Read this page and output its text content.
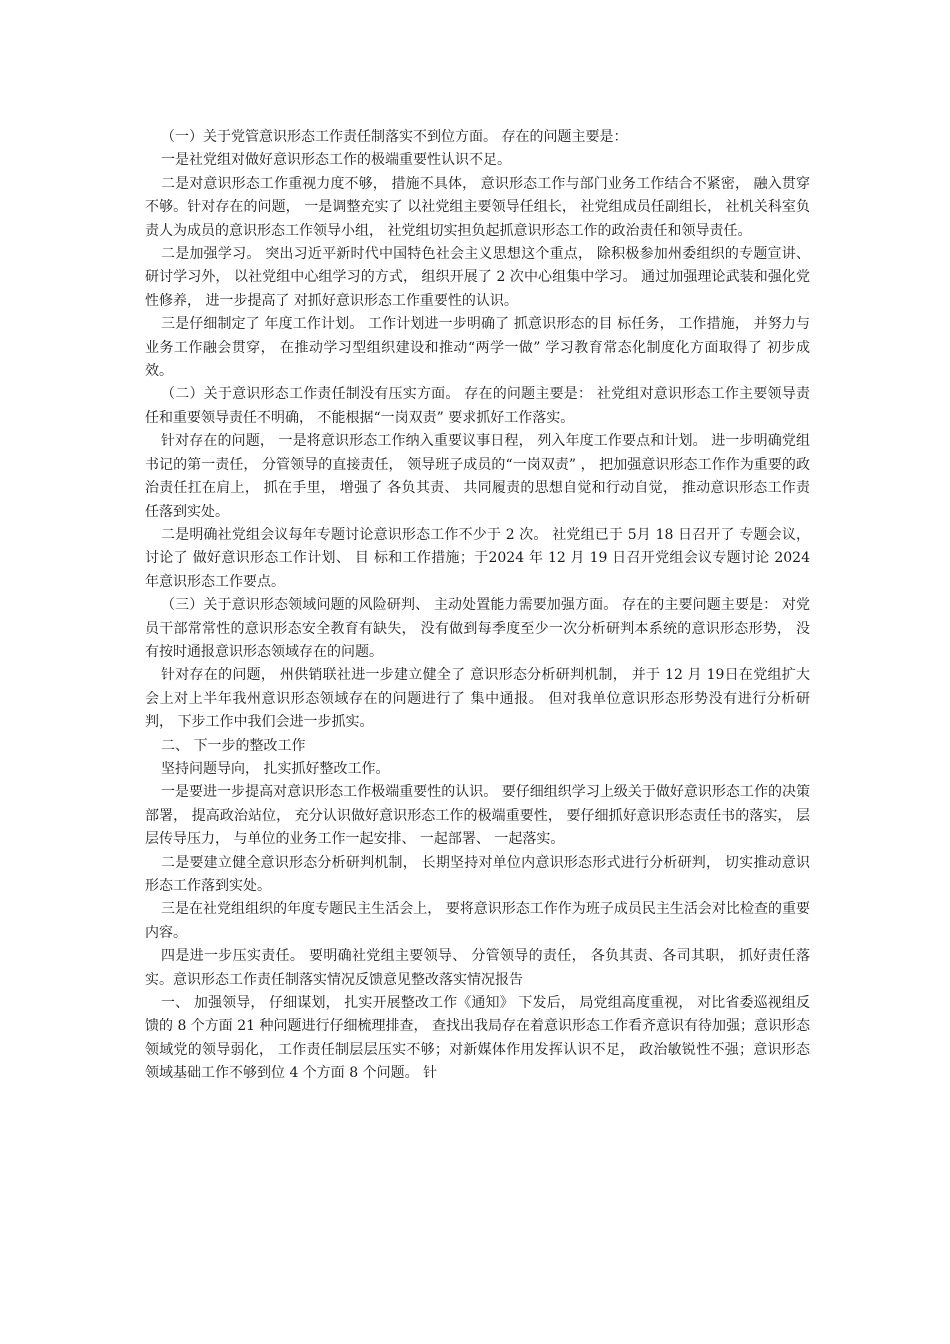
（一）关于党管意识形态工作责任制落实不到位方面。 存在的问题主要是：

一是社党组对做好意识形态工作的极端重要性认识不足。

二是对意识形态工作重视力度不够， 措施不具体， 意识形态工作与部门业务工作结合不紧密， 融入贯穿不够。针对存在的问题， 一是调整充实了 以社党组主要领导任组长， 社党组成员任副组长， 社机关科室负责人为成员的意识形态工作领导小组， 社党组切实担负起抓意识形态工作的政治责任和领导责任。

二是加强学习。 突出习近平新时代中国特色社会主义思想这个重点， 除积极参加州委组织的专题宣讲、 研讨学习外， 以社党组中心组学习的方式， 组织开展了 2 次中心组集中学习。 通过加强理论武装和强化党性修养， 进一步提高了 对抓好意识形态工作重要性的认识。

三是仔细制定了 年度工作计划。 工作计划进一步明确了 抓意识形态的目 标任务， 工作措施， 并努力与业务工作融会贯穿， 在推动学习型组织建设和推动“两学一做” 学习教育常态化制度化方面取得了 初步成效。

（二）关于意识形态工作责任制没有压实方面。 存在的问题主要是： 社党组对意识形态工作主要领导责任和重要领导责任不明确， 不能根据“一岗双责” 要求抓好工作落实。

针对存在的问题， 一是将意识形态工作纳入重要议事日程， 列入年度工作要点和计划。 进一步明确党组书记的第一责任， 分管领导的直接责任， 领导班子成员的“一岗双责” ， 把加强意识形态工作作为重要的政治责任扛在肩上， 抓在手里， 增强了 各负其责、 共同履责的思想自觉和行动自觉， 推动意识形态工作责任落到实处。

二是明确社党组会议每年专题讨论意识形态工作不少于 2 次。 社党组已于 5月 18 日召开了 专题会议， 讨论了 做好意识形态工作计划、 目 标和工作措施；于2024 年 12 月 19 日召开党组会议专题讨论 2024 年意识形态工作要点。

（三）关于意识形态领域问题的风险研判、 主动处置能力需要加强方面。 存在的主要问题主要是： 对党员干部常常性的意识形态安全教育有缺失， 没有做到每季度至少一次分析研判本系统的意识形态形势， 没有按时通报意识形态领域存在的问题。

针对存在的问题， 州供销联社进一步建立健全了 意识形态分析研判机制， 并于 12 月 19日在党组扩大会上对上半年我州意识形态领域存在的问题进行了 集中通报。 但对我单位意识形态形势没有进行分析研判， 下步工作中我们会进一步抓实。

二、 下一步的整改工作

坚持问题导向， 扎实抓好整改工作。

一是要进一步提高对意识形态工作极端重要性的认识。 要仔细组织学习上级关于做好意识形态工作的决策部署， 提高政治站位， 充分认识做好意识形态工作的极端重要性， 要仔细抓好意识形态责任书的落实， 层层传导压力， 与单位的业务工作一起安排、 一起部署、 一起落实。

二是要建立健全意识形态分析研判机制， 长期坚持对单位内意识形态形式进行分析研判， 切实推动意识形态工作落到实处。

三是在社党组组织的年度专题民主生活会上， 要将意识形态工作作为班子成员民主生活会对比检查的重要内容。

四是进一步压实责任。 要明确社党组主要领导、 分管领导的责任， 各负其责、各司其职， 抓好责任落实。意识形态工作责任制落实情况反馈意见整改落实情况报告

一、 加强领导， 仔细谋划， 扎实开展整改工作《通知》 下发后， 局党组高度重视， 对比省委巡视组反馈的 8 个方面 21 种问题进行仔细梳理排查， 查找出我局存在着意识形态工作看齐意识有待加强；意识形态领域党的领导弱化， 工作责任制层层压实不够；对新媒体作用发挥认识不足， 政治敏锐性不强；意识形态领域基础工作不够到位 4 个方面 8 个问题。 针
